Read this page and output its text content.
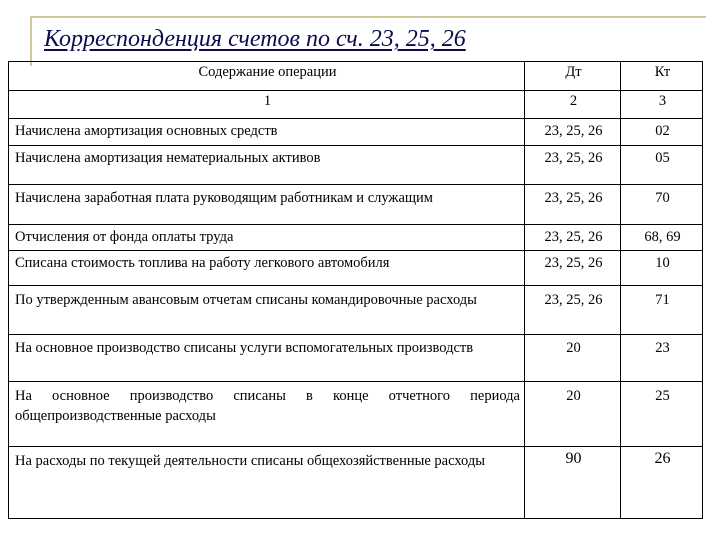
Корреспонденция счетов по сч. 23, 25, 26
Содержание операции	Дт	Кт
1	2	3
Начислена амортизация основных средств	23, 25, 26	02
Начислена амортизация нематериальных активов	23, 25, 26	05
Начислена заработная плата руководящим работникам и служащим	23, 25, 26	70
Отчисления от фонда оплаты труда	23, 25, 26	68, 69
Списана стоимость топлива на работу легкового автомобиля	23, 25, 26	10
По утвержденным авансовым отчетам списаны командировочные расходы	23, 25, 26	71
На основное производство списаны услуги вспомогательных производств	20	23
На основное производство списаны в конце отчетного периода общепроизводственные расходы	20	25
На расходы по текущей деятельности списаны общехозяйственные расходы	90	26
